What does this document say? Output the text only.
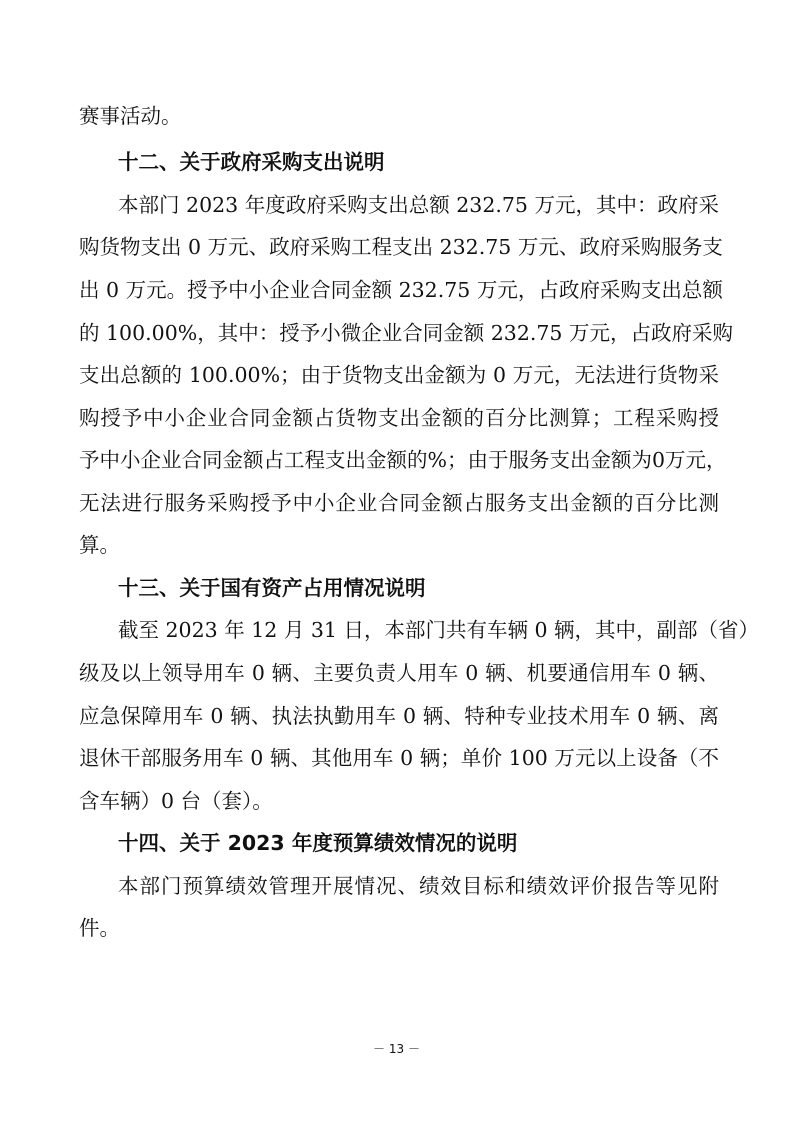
赛事活动。
十二、关于政府采购支出说明
本部门 2023 年度政府采购支出总额 232.75 万元，其中：政府采
购货物支出 0 万元、政府采购工程支出 232.75 万元、政府采购服务支
出 0 万元。授予中小企业合同金额 232.75 万元，占政府采购支出总额
的 100.00%，其中：授予小微企业合同金额 232.75 万元，占政府采购
支出总额的 100.00%；由于货物支出金额为 0 万元，无法进行货物采
购授予中小企业合同金额占货物支出金额的百分比测算；工程采购授
予中小企业合同金额占工程支出金额的%；由于服务支出金额为0万元，
无法进行服务采购授予中小企业合同金额占服务支出金额的百分比测
算。
十三、关于国有资产占用情况说明
截至 2023 年 12 月 31 日，本部门共有车辆 0 辆，其中，副部（省）
级及以上领导用车 0 辆、主要负责人用车 0 辆、机要通信用车 0 辆、
应急保障用车 0 辆、执法执勤用车 0 辆、特种专业技术用车 0 辆、离
退休干部服务用车 0 辆、其他用车 0 辆；单价 100 万元以上设备（不
含车辆）0 台（套）。
十四、关于 2023 年度预算绩效情况的说明
本部门预算绩效管理开展情况、绩效目标和绩效评价报告等见附
件。
－ 13 －
